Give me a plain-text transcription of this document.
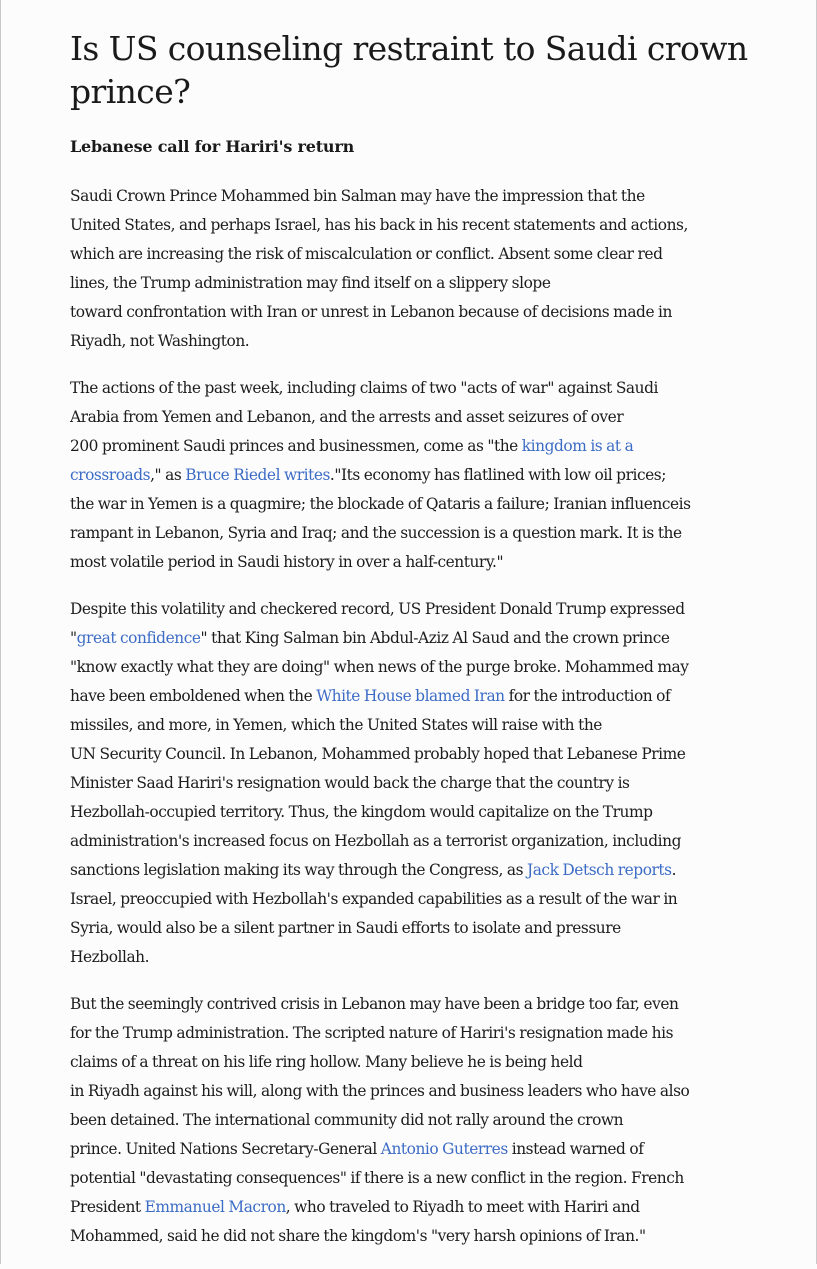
Is US counseling restraint to Saudi crown prince?
Lebanese call for Hariri's return

Saudi Crown Prince Mohammed bin Salman may have the impression that the
United States, and perhaps Israel, has his back in his recent statements and actions,
which are increasing the risk of miscalculation or conflict. Absent some clear red
lines, the Trump administration may find itself on a slippery slope
toward confrontation with Iran or unrest in Lebanon because of decisions made in
Riyadh, not Washington.

The actions of the past week, including claims of two "acts of war" against Saudi
Arabia from Yemen and Lebanon, and the arrests and asset seizures of over
200 prominent Saudi princes and businessmen, come as "the kingdom is at a
crossroads," as Bruce Riedel writes."Its economy has flatlined with low oil prices;
the war in Yemen is a quagmire; the blockade of Qataris a failure; Iranian influenceis
rampant in Lebanon, Syria and Iraq; and the succession is a question mark. It is the
most volatile period in Saudi history in over a half-century."

Despite this volatility and checkered record, US President Donald Trump expressed
"great confidence" that King Salman bin Abdul-Aziz Al Saud and the crown prince
"know exactly what they are doing" when news of the purge broke. Mohammed may
have been emboldened when the White House blamed Iran for the introduction of
missiles, and more, in Yemen, which the United States will raise with the
UN Security Council. In Lebanon, Mohammed probably hoped that Lebanese Prime
Minister Saad Hariri's resignation would back the charge that the country is
Hezbollah-occupied territory. Thus, the kingdom would capitalize on the Trump
administration's increased focus on Hezbollah as a terrorist organization, including
sanctions legislation making its way through the Congress, as Jack Detsch reports.
Israel, preoccupied with Hezbollah's expanded capabilities as a result of the war in
Syria, would also be a silent partner in Saudi efforts to isolate and pressure
Hezbollah.

But the seemingly contrived crisis in Lebanon may have been a bridge too far, even
for the Trump administration. The scripted nature of Hariri's resignation made his
claims of a threat on his life ring hollow. Many believe he is being held
in Riyadh against his will, along with the princes and business leaders who have also
been detained. The international community did not rally around the crown
prince. United Nations Secretary-General Antonio Guterres instead warned of
potential "devastating consequences" if there is a new conflict in the region. French
President Emmanuel Macron, who traveled to Riyadh to meet with Hariri and
Mohammed, said he did not share the kingdom's "very harsh opinions of Iran."
